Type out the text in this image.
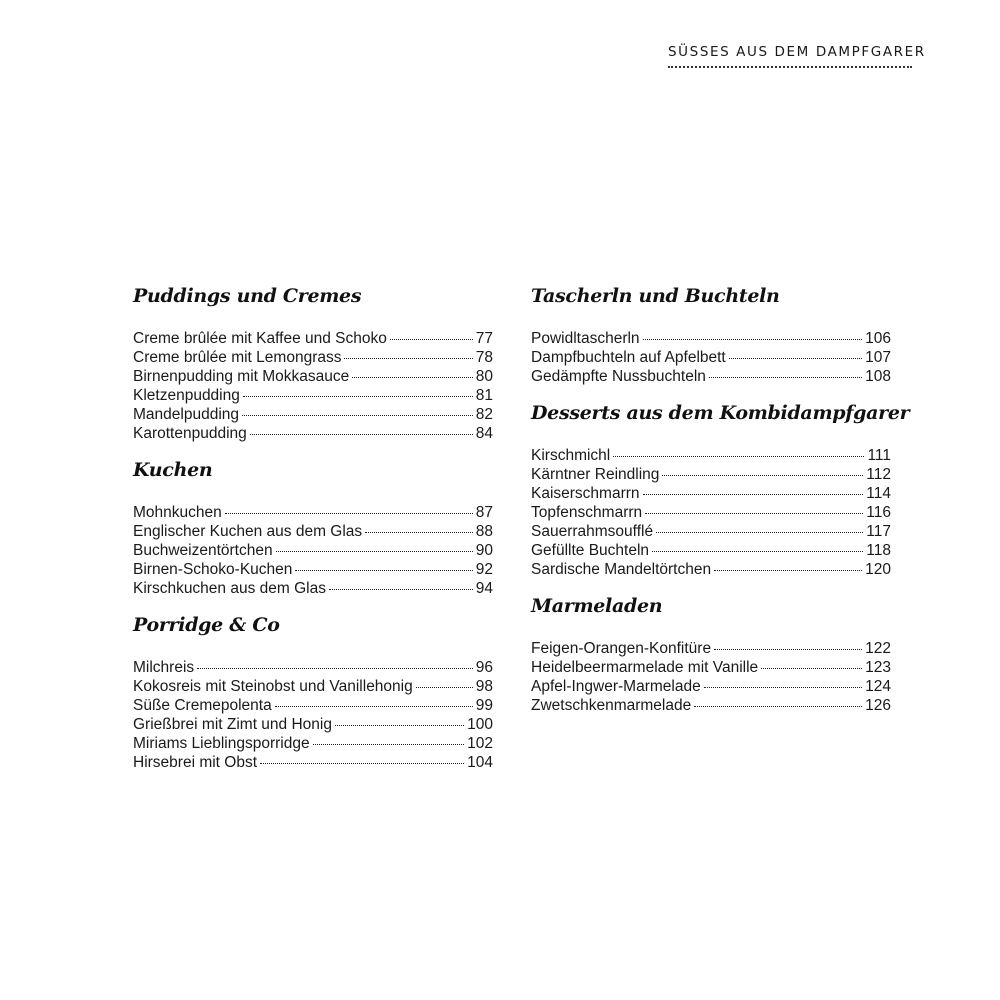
SÜSSES AUS DEM DAMPFGARER
Puddings und Cremes
Creme brûlée mit Kaffee und Schoko	77
Creme brûlée mit Lemongrass	78
Birnenpudding mit Mokkasauce	80
Kletzenpudding	81
Mandelpudding	82
Karottenpudding	84
Kuchen
Mohnkuchen	87
Englischer Kuchen aus dem Glas	88
Buchweizentörtchen	90
Birnen-Schoko-Kuchen	92
Kirschkuchen aus dem Glas	94
Porridge & Co
Milchreis	96
Kokosreis mit Steinobst und Vanillehonig	98
Süße Cremepolenta	99
Grießbrei mit Zimt und Honig	100
Miriams Lieblingsporridge	102
Hirsebrei mit Obst	104
Tascherln und Buchteln
Powidltascherln	106
Dampfbuchteln auf Apfelbett	107
Gedämpfte Nussbuchteln	108
Desserts aus dem Kombidampfgarer
Kirschmichl	111
Kärntner Reindling	112
Kaiserschmarrn	114
Topfenschmarrn	116
Sauerrahmsoufflé	117
Gefüllte Buchteln	118
Sardische Mandeltörtchen	120
Marmeladen
Feigen-Orangen-Konfitüre	122
Heidelbeermarmelade mit Vanille	123
Apfel-Ingwer-Marmelade	124
Zwetschkenmarmelade	126
